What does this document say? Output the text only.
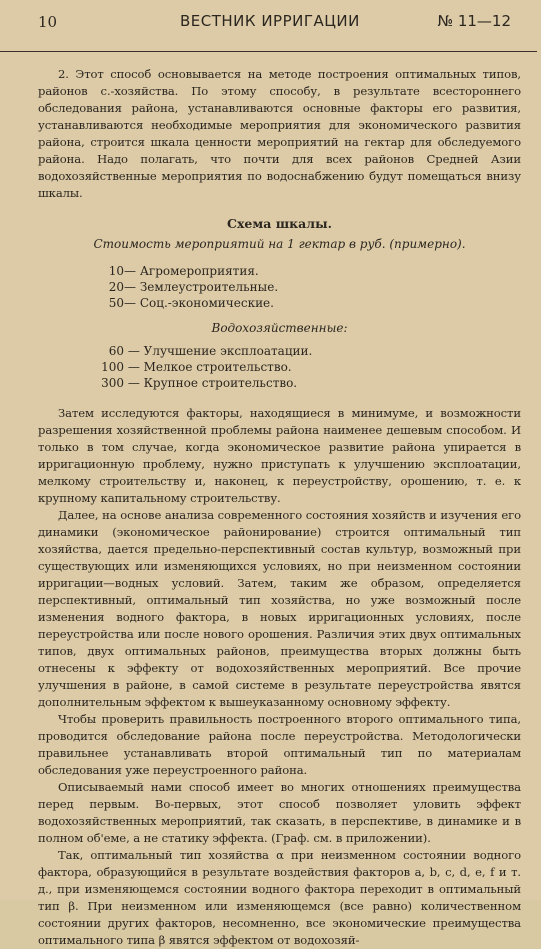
10	ВЕСТНИК ИРРИГАЦИИ	№ 11—12

2. Этот способ основывается на методе построения оптимальных типов, районов с.-хозяйства. По этому способу, в результате всестороннего обследования района, устанавливаются основные факторы его развития, устанавливаются необходимые мероприятия для экономического развития района, строится шкала ценности мероприятий на гектар для обследуемого района. Надо полагать, что почти для всех районов Средней Азии водохозяйственные мероприятия по водоснабжению будут помещаться внизу шкалы.

Схема шкалы.
Стоимость мероприятий на 1 гектар в руб. (примерно).
10— Агромероприятия.
20— Землеустроительные.
50— Соц.-экономические.
Водохозяйственные:
60 — Улучшение эксплоатации.
100 — Мелкое строительство.
300 — Крупное строительство.

Затем исследуются факторы, находящиеся в минимуме, и возможности разрешения хозяйственной проблемы района наименее дешевым способом. И только в том случае, когда экономическое развитие района упирается в ирригационную проблему, нужно приступать к улучшению эксплоатации, мелкому строительству и, наконец, к переустройству, орошению, т. е. к крупному капитальному строительству.

Далее, на основе анализа современного состояния хозяйств и изучения его динамики (экономическое районирование) строится оптимальный тип хозяйства, дается предельно-перспективный состав культур, возможный при существующих или изменяющихся условиях, но при неизменном состоянии ирригации—водных условий. Затем, таким же образом, определяется перспективный, оптимальный тип хозяйства, но уже возможный после изменения водного фактора, в новых ирригационных условиях, после переустройства или после нового орошения. Различия этих двух оптимальных типов, двух оптимальных районов, преимущества вторых должны быть отнесены к эффекту от водохозяйственных мероприятий. Все прочие улучшения в районе, в самой системе в результате переустройства явятся дополнительным эффектом к вышеуказанному основному эффекту.

Чтобы проверить правильность построенного второго оптимального типа, проводится обследование района после переустройства. Методологически правильнее устанавливать второй оптимальный тип по материалам обследования уже переустроенного района.

Описываемый нами способ имеет во многих отношениях преимущества перед первым. Во-первых, этот способ позволяет уловить эффект водохозяйственных мероприятий, так сказать, в перспективе, в динамике и в полном об'еме, а не статику эффекта. (Граф. см. в приложении).

Так, оптимальный тип хозяйства α при неизменном состоянии водного фактора, образующийся в результате воздействия факторов a, b, c, d, e, f и т. д., при изменяющемся состоянии водного фактора переходит в оптимальный тип β. При неизменном или изменяющемся (все равно) количественном состоянии других факторов, несомненно, все экономические преимущества оптимального типа β явятся эффектом от водохозяй-
